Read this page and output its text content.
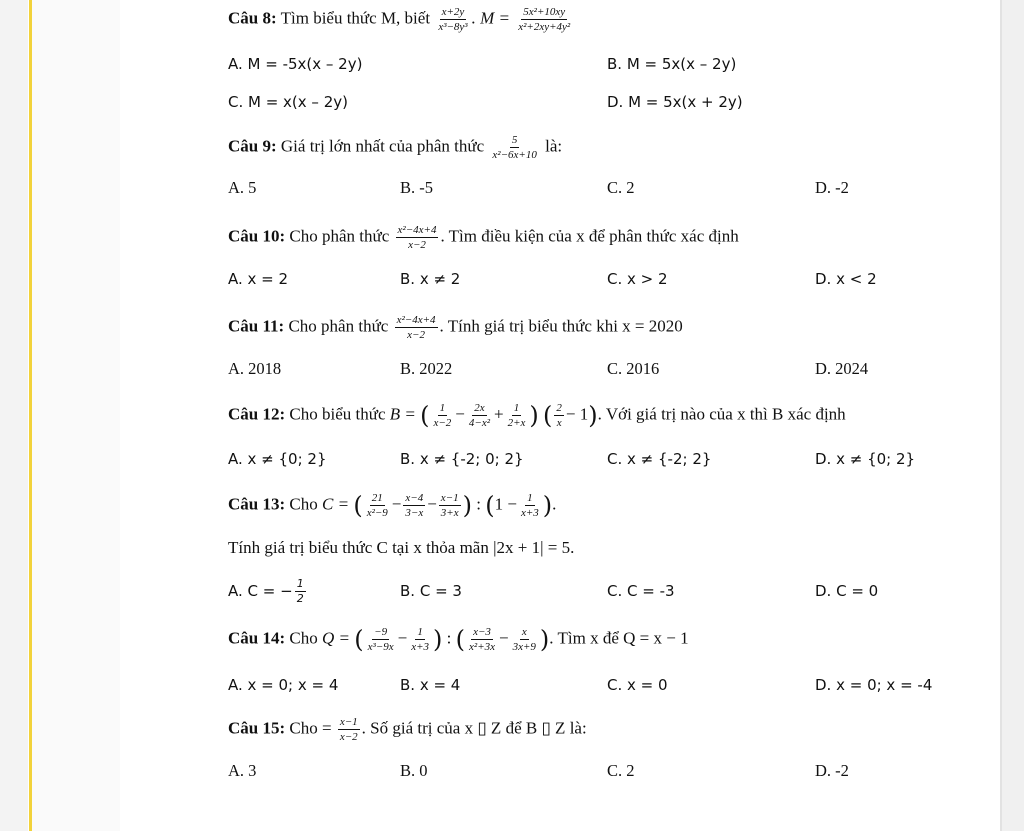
Câu 8: Tìm biểu thức M, biết $\frac{x+2y}{\text{x³−8y³}}$ . $M = \frac{\text{5x²+10xy}}{\text{x²+2xy+4y²}}$
A. M = -5x(x – 2y)	B. M = 5x(x – 2y)
C. M = x(x – 2y)	D. M = 5x(x + 2y)
Câu 9: Giá trị lớn nhất của phân thức $\frac{5}{\text{x²−6x+10}}$ là:
A. 5	B. -5	C. 2	D. -2
Câu 10: Cho phân thức $\frac{\text{x²−4x+4}}{x-2}$ . Tìm điều kiện của x để phân thức xác định
A. x = 2	B. x ≠ 2	C. x > 2	D. x < 2
Câu 11: Cho phân thức $\frac{\text{x²−4x+4}}{x-2}$ . Tính giá trị biểu thức khi x = 2020
A. 2018	B. 2022	C. 2016	D. 2024
Câu 12: Cho biểu thức B = ( $\frac{1}{x-2} - \frac{2x}{\text{4−x²}} + \frac{1}{2+x}$ ) ( $\frac{2}{x} - 1$). Với giá trị nào của x thì B xác định
A. x ≠ {0; 2}	B. x ≠ {-2; 0; 2}	C. x ≠ {-2; 2}	D. x ≠ {0; 2}
Câu 13: Cho C = ( $\frac{21}{\text{x²−9}} - \frac{x-4}{3-x} - \frac{x-1}{3+x}$ ) : ($1 - \frac{1}{x+3}$ ).
Tính giá trị biểu thức C tại x thỏa mãn |2x + 1| = 5.
A. C = − $\frac{1}{2}$	B. C = 3	C. C = -3	D. C = 0
Câu 14: Cho Q = ( $\frac{-9}{\text{x³−9x}} - \frac{1}{x+3}$ ) : ( $\frac{x-3}{\text{x²+3x}} - \frac{x}{3x+9}$ ). Tìm x để Q = x − 1
A. x = 0; x = 4	B. x = 4	C. x = 0	D. x = 0; x = -4
Câu 15: Cho = $\frac{x-1}{x-2}$ . Số giá trị của x ▯ Z để B ▯ Z là:
A. 3	B. 0	C. 2	D. -2
